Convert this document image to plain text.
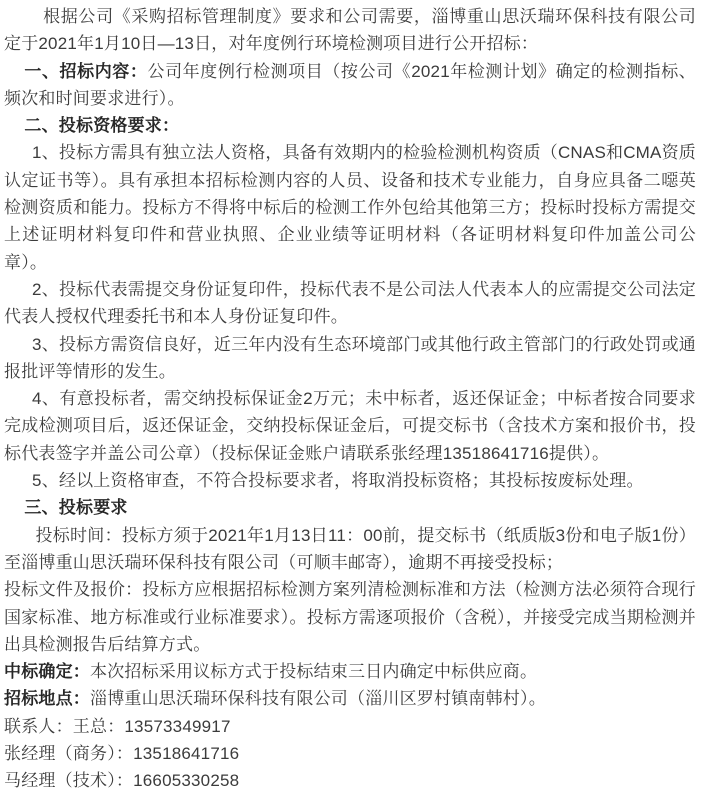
根据公司《采购招标管理制度》要求和公司需要，淄博重山思沃瑞环保科技有限公司定于2021年1月10日—13日，对年度例行环境检测项目进行公开招标：

一、招标内容：公司年度例行检测项目（按公司《2021年检测计划》确定的检测指标、频次和时间要求进行）。

二、投标资格要求：

1、投标方需具有独立法人资格，具备有效期内的检验检测机构资质（CNAS和CMA资质认定证书等）。具有承担本招标检测内容的人员、设备和技术专业能力，自身应具备二噁英检测资质和能力。投标方不得将中标后的检测工作外包给其他第三方；投标时投标方需提交上述证明材料复印件和营业执照、企业业绩等证明材料（各证明材料复印件加盖公司公章）。

2、投标代表需提交身份证复印件，投标代表不是公司法人代表本人的应需提交公司法定代表人授权代理委托书和本人身份证复印件。

3、投标方需资信良好，近三年内没有生态环境部门或其他行政主管部门的行政处罚或通报批评等情形的发生。

4、有意投标者，需交纳投标保证金2万元；未中标者，返还保证金；中标者按合同要求完成检测项目后，返还保证金，交纳投标保证金后，可提交标书（含技术方案和报价书，投标代表签字并盖公司公章）（投标保证金账户请联系张经理13518641716提供）。

5、经以上资格审查，不符合投标要求者，将取消投标资格；其投标按废标处理。

三、投标要求

投标时间：投标方须于2021年1月13日11：00前，提交标书（纸质版3份和电子版1份）至淄博重山思沃瑞环保科技有限公司（可顺丰邮寄），逾期不再接受投标；

投标文件及报价：投标方应根据招标检测方案列清检测标准和方法（检测方法必须符合现行国家标准、地方标准或行业标准要求）。投标方需逐项报价（含税），并接受完成当期检测并出具检测报告后结算方式。

中标确定：本次招标采用议标方式于投标结束三日内确定中标供应商。

招标地点：淄博重山思沃瑞环保科技有限公司（淄川区罗村镇南韩村）。

联系人：王总：13573349917

张经理（商务）：13518641716

马经理（技术）：16605330258
